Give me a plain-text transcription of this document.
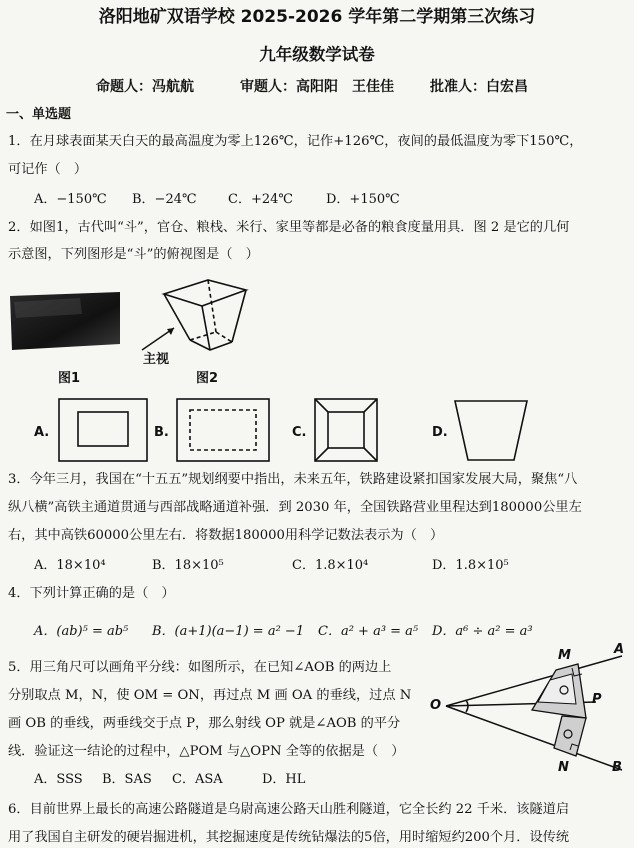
洛阳地矿双语学校 2025-2026 学年第二学期第三次练习
九年级数学试卷
命题人：冯航航	审题人：高阳阳　王佳佳	批准人：白宏昌
一、单选题
1．在月球表面某天白天的最高温度为零上126℃，记作+126℃，夜间的最低温度为零下150℃，
可记作（　）
A．−150℃ B．−24℃ C．+24℃	D．+150℃
2．如图1，古代叫“斗”，官仓、粮栈、米行、家里等都是必备的粮食度量用具．图 2 是它的几何
示意图，下列图形是“斗”的俯视图是（　）
图1
主视
图2
A.	B.	C.	D.
3．今年三月，我国在“十五五”规划纲要中指出，未来五年，铁路建设紧扣国家发展大局，聚焦“八
纵八横”高铁主通道贯通与西部战略通道补强．到 2030 年，全国铁路营业里程达到180000公里左
右，其中高铁60000公里左右．将数据180000用科学记数法表示为（　）
A．18×10⁴	B．18×10⁵	C．1.8×10⁴	D．1.8×10⁵
4．下列计算正确的是（　）
A．(ab)⁵ = ab⁵ B．(a+1)(a−1) = a² −1 C．a² + a³ = a⁵ D．a⁶ ÷ a² = a³
5．用三角尺可以画角平分线：如图所示，在已知∠AOB 的两边上
分别取点 M，N，使 OM = ON，再过点 M 画 OA 的垂线，过点 N
画 OB 的垂线，两垂线交于点 P，那么射线 OP 就是∠AOB 的平分
线．验证这一结论的过程中，△POM 与△OPN 全等的依据是（　）
A．SSS B．SAS C．ASA	D．HL
O
A
B
M
N
P
6．目前世界上最长的高速公路隧道是乌尉高速公路天山胜利隧道，它全长约 22 千米．该隧道启
用了我国自主研发的硬岩掘进机，其挖掘速度是传统钻爆法的5倍，用时缩短约200个月．设传统
